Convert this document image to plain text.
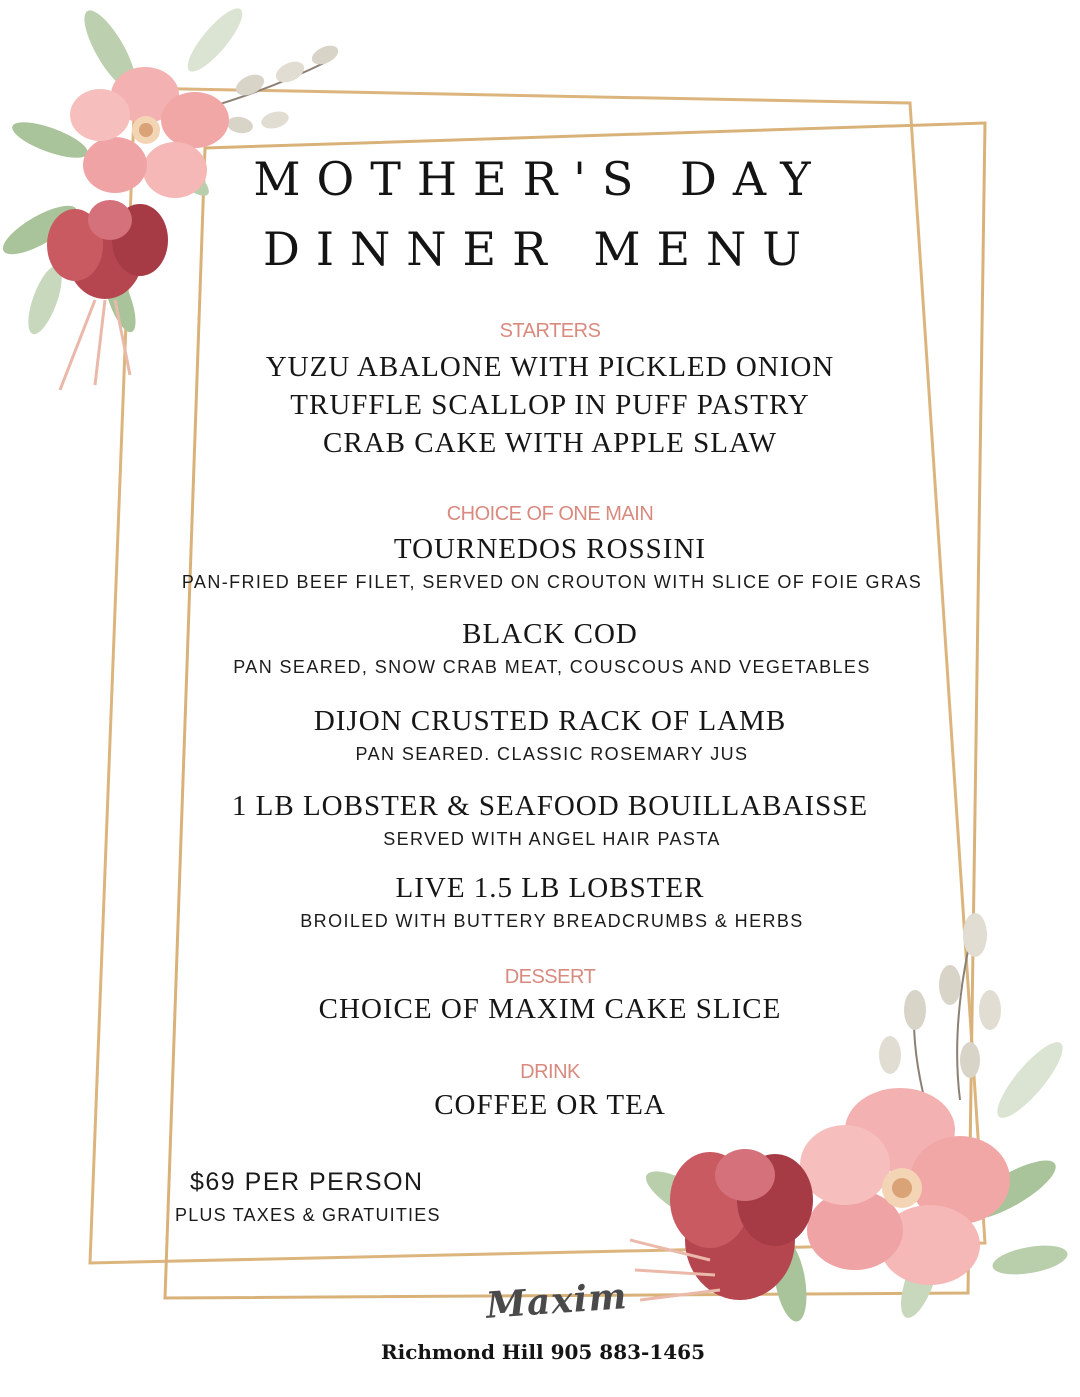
MOTHER'S DAY
DINNER MENU
STARTERS
YUZU ABALONE WITH PICKLED ONION
TRUFFLE SCALLOP IN PUFF PASTRY
CRAB CAKE WITH APPLE SLAW
CHOICE OF ONE MAIN
TOURNEDOS ROSSINI
PAN-FRIED BEEF FILET, SERVED ON CROUTON WITH SLICE OF FOIE GRAS
BLACK COD
PAN SEARED, SNOW CRAB MEAT, COUSCOUS AND VEGETABLES
DIJON CRUSTED RACK OF LAMB
PAN SEARED. CLASSIC ROSEMARY JUS
1 LB LOBSTER & SEAFOOD BOUILLABAISSE
SERVED WITH ANGEL HAIR PASTA
LIVE 1.5 LB LOBSTER
BROILED WITH BUTTERY BREADCRUMBS & HERBS
DESSERT
CHOICE OF MAXIM CAKE SLICE
DRINK
COFFEE OR TEA
$69 PER PERSON
PLUS TAXES & GRATUITIES
Maxim
Richmond Hill 905 883-1465
